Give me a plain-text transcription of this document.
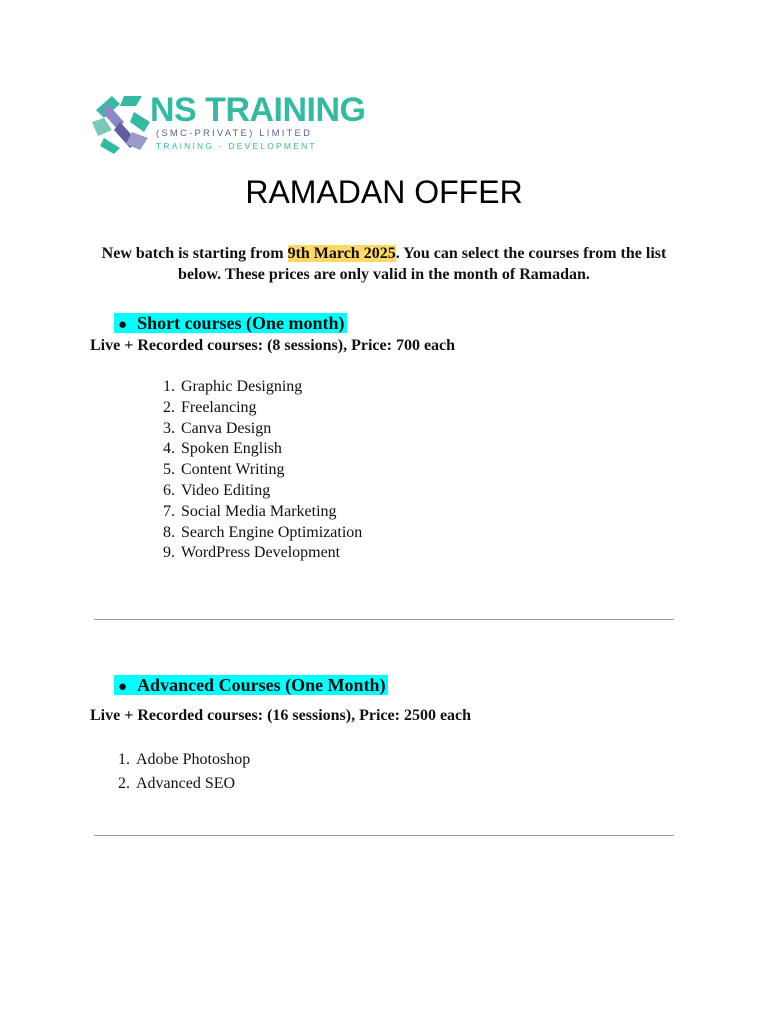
NS TRAINING
(SMC-PRIVATE) LIMITED
TRAINING - DEVELOPMENT
RAMADAN OFFER
New batch is starting from 9th March 2025. You can select the courses from the list below. These prices are only valid in the month of Ramadan.
● Short courses (One month)
Live + Recorded courses: (8 sessions), Price: 700 each
1. Graphic Designing
2. Freelancing
3. Canva Design
4. Spoken English
5. Content Writing
6. Video Editing
7. Social Media Marketing
8. Search Engine Optimization
9. WordPress Development
● Advanced Courses (One Month)
Live + Recorded courses: (16 sessions), Price: 2500 each
1. Adobe Photoshop
2. Advanced SEO
